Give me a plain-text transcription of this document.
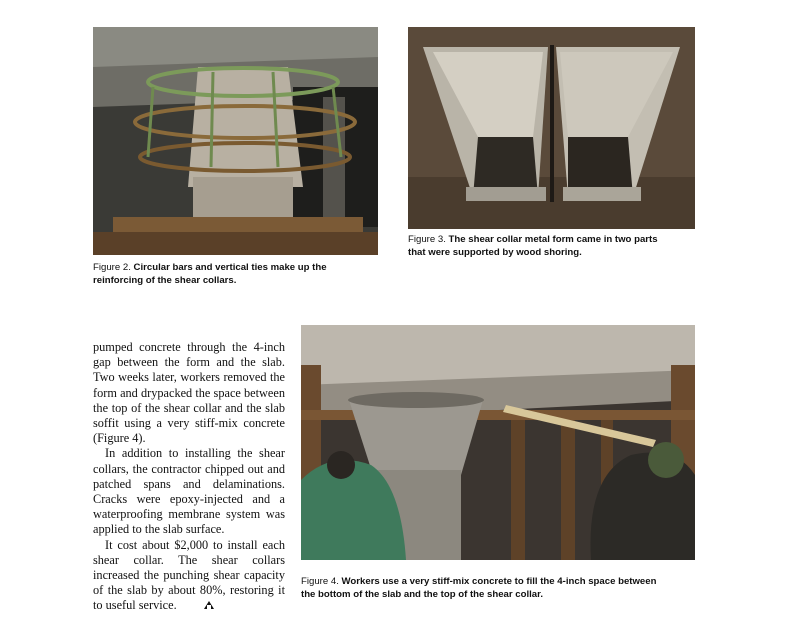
Figure 2. Circular bars and vertical ties make up the
reinforcing of the shear collars.
Figure 3. The shear collar metal form came in two parts
that were supported by wood shoring.

pumped concrete through the 4-inch gap between the form and the slab. Two weeks later, workers removed the form and drypacked the space between the top of the shear collar and the slab soffit using a very stiff-mix concrete (Figure 4).

In addition to installing the shear collars, the contractor chipped out and patched spans and delaminations. Cracks were epoxy-injected and a waterproofing membrane system was applied to the slab surface.

It cost about $2,000 to install each shear collar. The shear collars increased the punching shear capacity of the slab by about 80%, restoring it to useful service.

Figure 4. Workers use a very stiff-mix concrete to fill the 4-inch space between
the bottom of the slab and the top of the shear collar.
